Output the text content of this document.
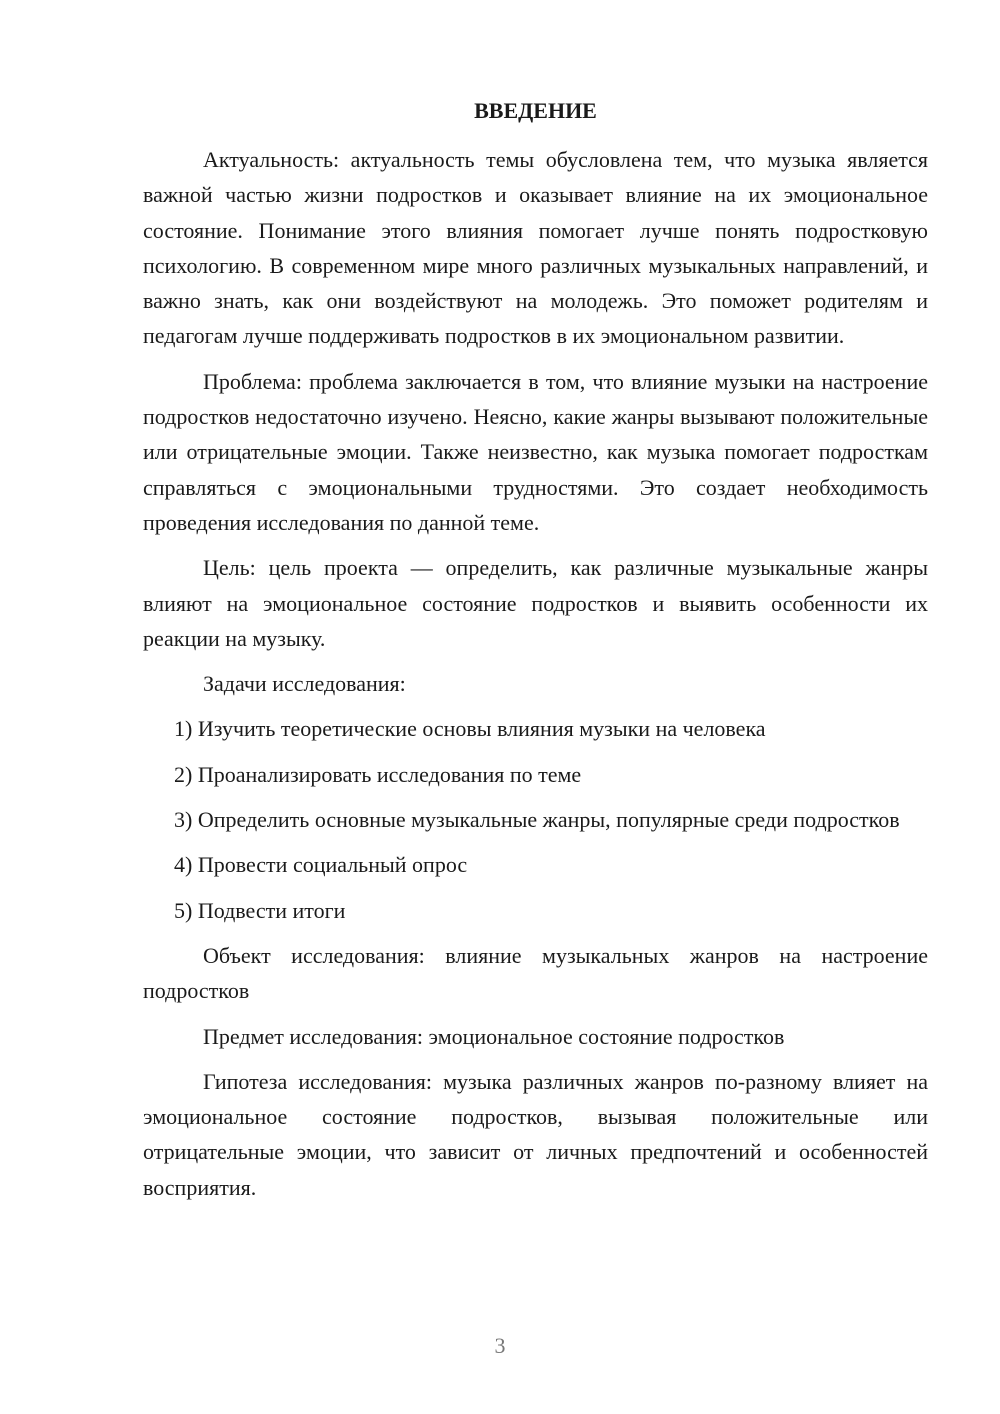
ВВЕДЕНИЕ

Актуальность: актуальность темы обусловлена тем, что музыка является важной частью жизни подростков и оказывает влияние на их эмоциональное состояние. Понимание этого влияния помогает лучше понять подростковую психологию. В современном мире много различных музыкальных направлений, и важно знать, как они воздействуют на молодежь. Это поможет родителям и педагогам лучше поддерживать подростков в их эмоциональном развитии.

Проблема: проблема заключается в том, что влияние музыки на настроение подростков недостаточно изучено. Неясно, какие жанры вызывают положительные или отрицательные эмоции. Также неизвестно, как музыка помогает подросткам справляться с эмоциональными трудностями. Это создает необходимость проведения исследования по данной теме.

Цель: цель проекта — определить, как различные музыкальные жанры влияют на эмоциональное состояние подростков и выявить особенности их реакции на музыку.

Задачи исследования:

1) Изучить теоретические основы влияния музыки на человека

2) Проанализировать исследования по теме

3) Определить основные музыкальные жанры, популярные среди подростков

4) Провести социальный опрос

5) Подвести итоги

Объект исследования: влияние музыкальных жанров на настроение подростков

Предмет исследования: эмоциональное состояние подростков

Гипотеза исследования: музыка различных жанров по-разному влияет на эмоциональное состояние подростков, вызывая положительные или отрицательные эмоции, что зависит от личных предпочтений и особенностей восприятия.

3
